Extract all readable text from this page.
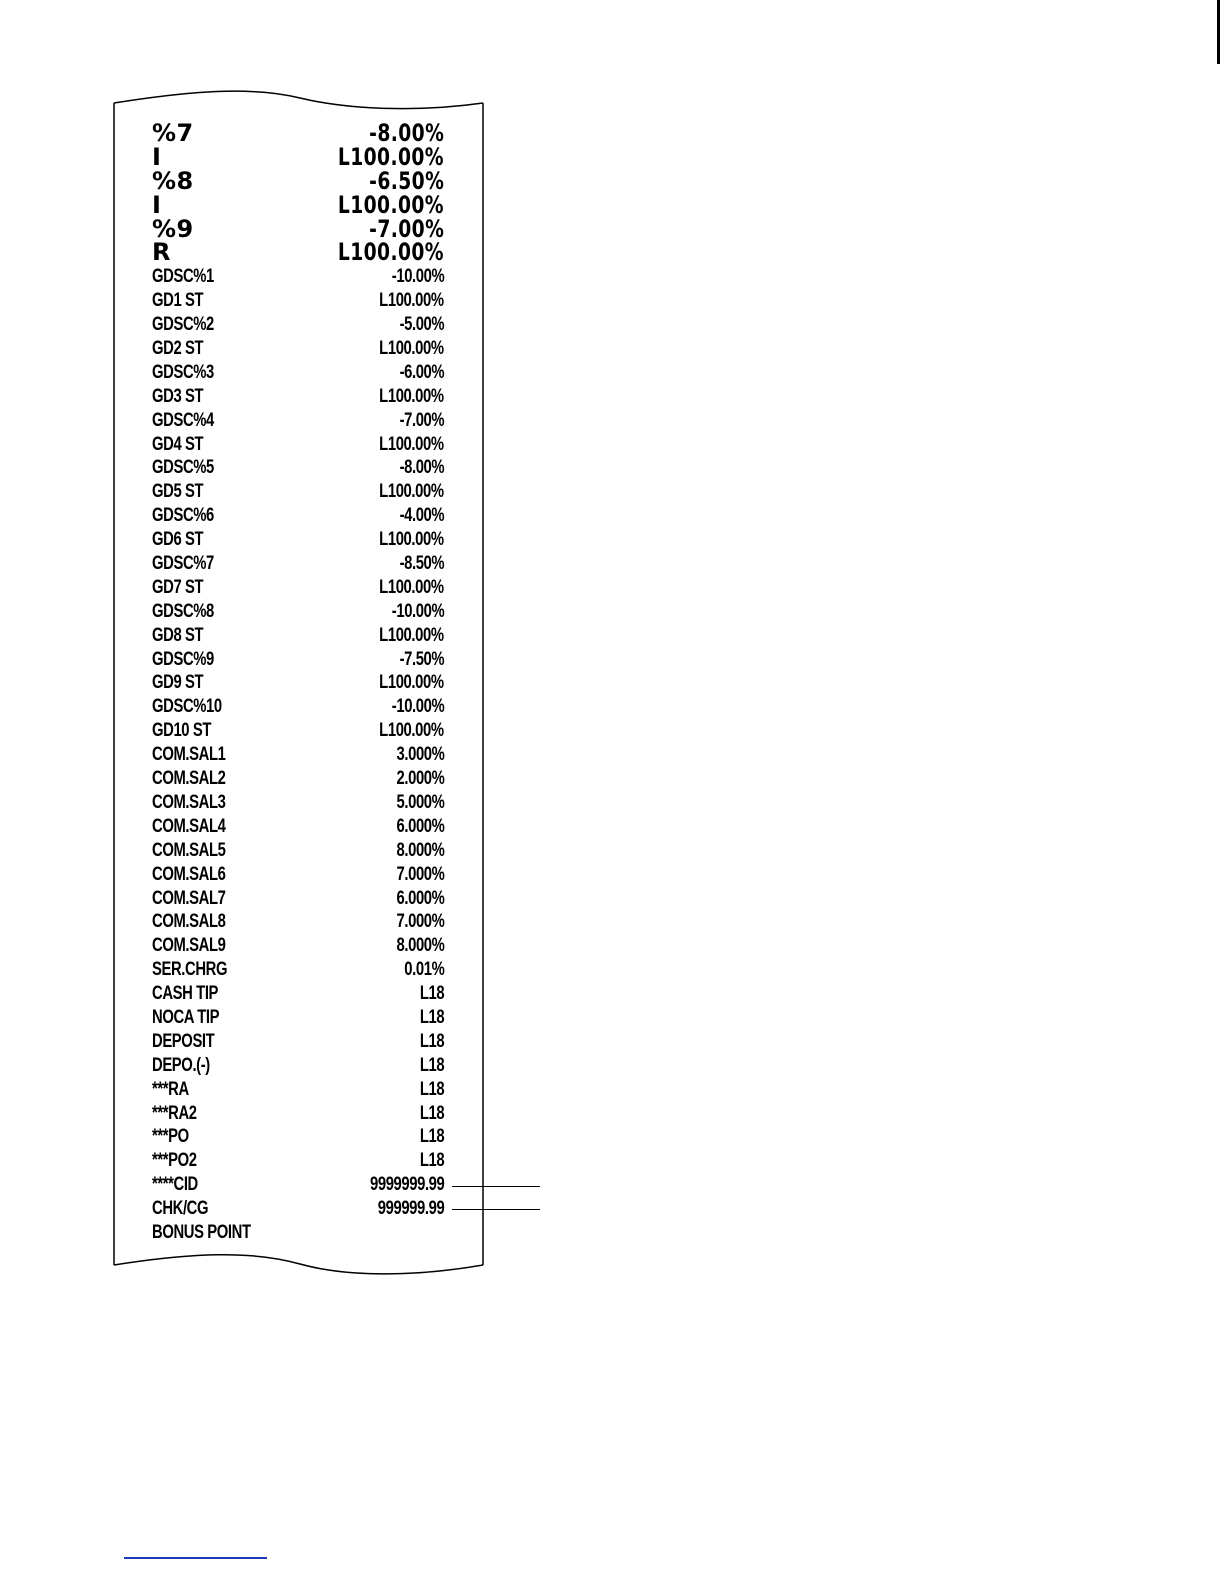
%7	-8.00%
I	L100.00%
%8	-6.50%
I	L100.00%
%9	-7.00%
R	L100.00%
GDSC%1	-10.00%
GD1 ST	L100.00%
GDSC%2	-5.00%
GD2 ST	L100.00%
GDSC%3	-6.00%
GD3 ST	L100.00%
GDSC%4	-7.00%
GD4 ST	L100.00%
GDSC%5	-8.00%
GD5 ST	L100.00%
GDSC%6	-4.00%
GD6 ST	L100.00%
GDSC%7	-8.50%
GD7 ST	L100.00%
GDSC%8	-10.00%
GD8 ST	L100.00%
GDSC%9	-7.50%
GD9 ST	L100.00%
GDSC%10	-10.00%
GD10 ST	L100.00%
COM.SAL1	3.000%
COM.SAL2	2.000%
COM.SAL3	5.000%
COM.SAL4	6.000%
COM.SAL5	8.000%
COM.SAL6	7.000%
COM.SAL7	6.000%
COM.SAL8	7.000%
COM.SAL9	8.000%
SER.CHRG	0.01%
CASH TIP	L18
NOCA TIP	L18
DEPOSIT	L18
DEPO.(-)	L18
***RA	L18
***RA2	L18
***PO	L18
***PO2	L18
****CID	9999999.99
CHK/CG	999999.99
BONUS POINT
